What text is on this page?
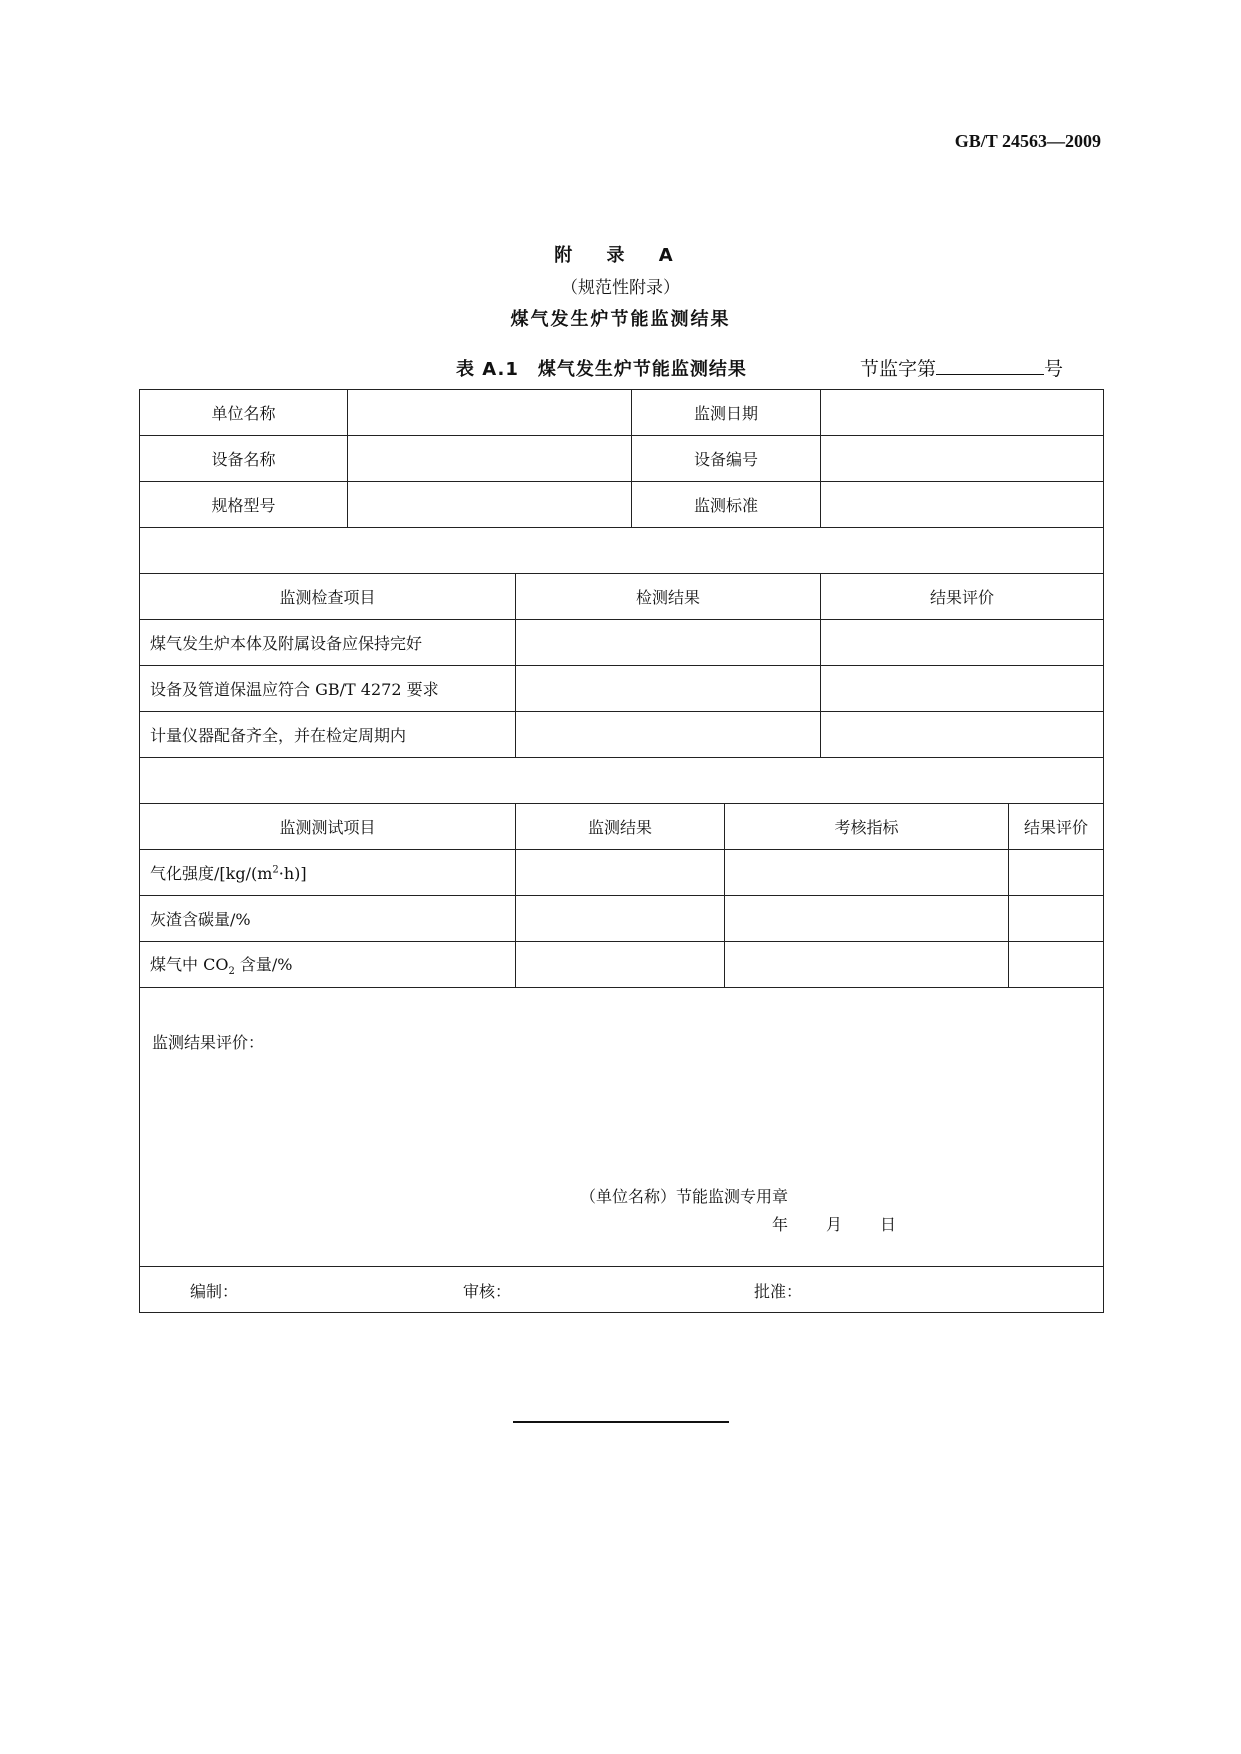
GB/T 24563—2009
附 录 A
（规范性附录）
煤气发生炉节能监测结果
表 A.1　煤气发生炉节能监测结果	节监字第	号
单位名称			监测日期			
设备名称			设备编号			
规格型号			监测标准			

监测检查项目		检测结果			结果评价	
煤气发生炉本体及附属设备应保持完好						
设备及管道保温应符合 GB/T 4272 要求						
计量仪器配备齐全，并在检定周期内						

监测测试项目		监测结果		考核指标		结果评价
气化强度$/[kg/(m^2\cdot h)]$						
灰渣含碳量/%						
煤气中 $CO_2$ 含量/%						

监测结果评价：
（单位名称）节能监测专用章
年 月 日						

编制： 审核： 批准：						
